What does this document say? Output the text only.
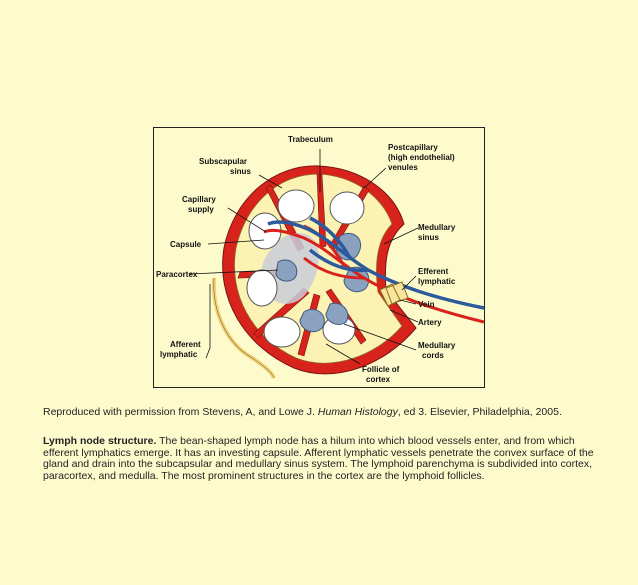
Trabeculum
Subscapular
sinus
Postcapillary
(high endothelial)
venules
Capillary
supply
Capsule
Medullary
sinus
Paracortex	Efferent
lymphatic
Vein
Artery
Afferent
lymphatic
Medullary
cords
Follicle of
cortex
Reproduced with permission from Stevens, A, and Lowe J. Human Histology, ed 3. Elsevier, Philadelphia, 2005.
Lymph node structure. The bean-shaped lymph node has a hilum into which blood vessels enter, and from which efferent lymphatics emerge. It has an investing capsule. Afferent lymphatic vessels penetrate the convex surface of the gland and drain into the subcapsular and medullary sinus system. The lymphoid parenchyma is subdivided into cortex, paracortex, and medulla. The most prominent structures in the cortex are the lymphoid follicles.
